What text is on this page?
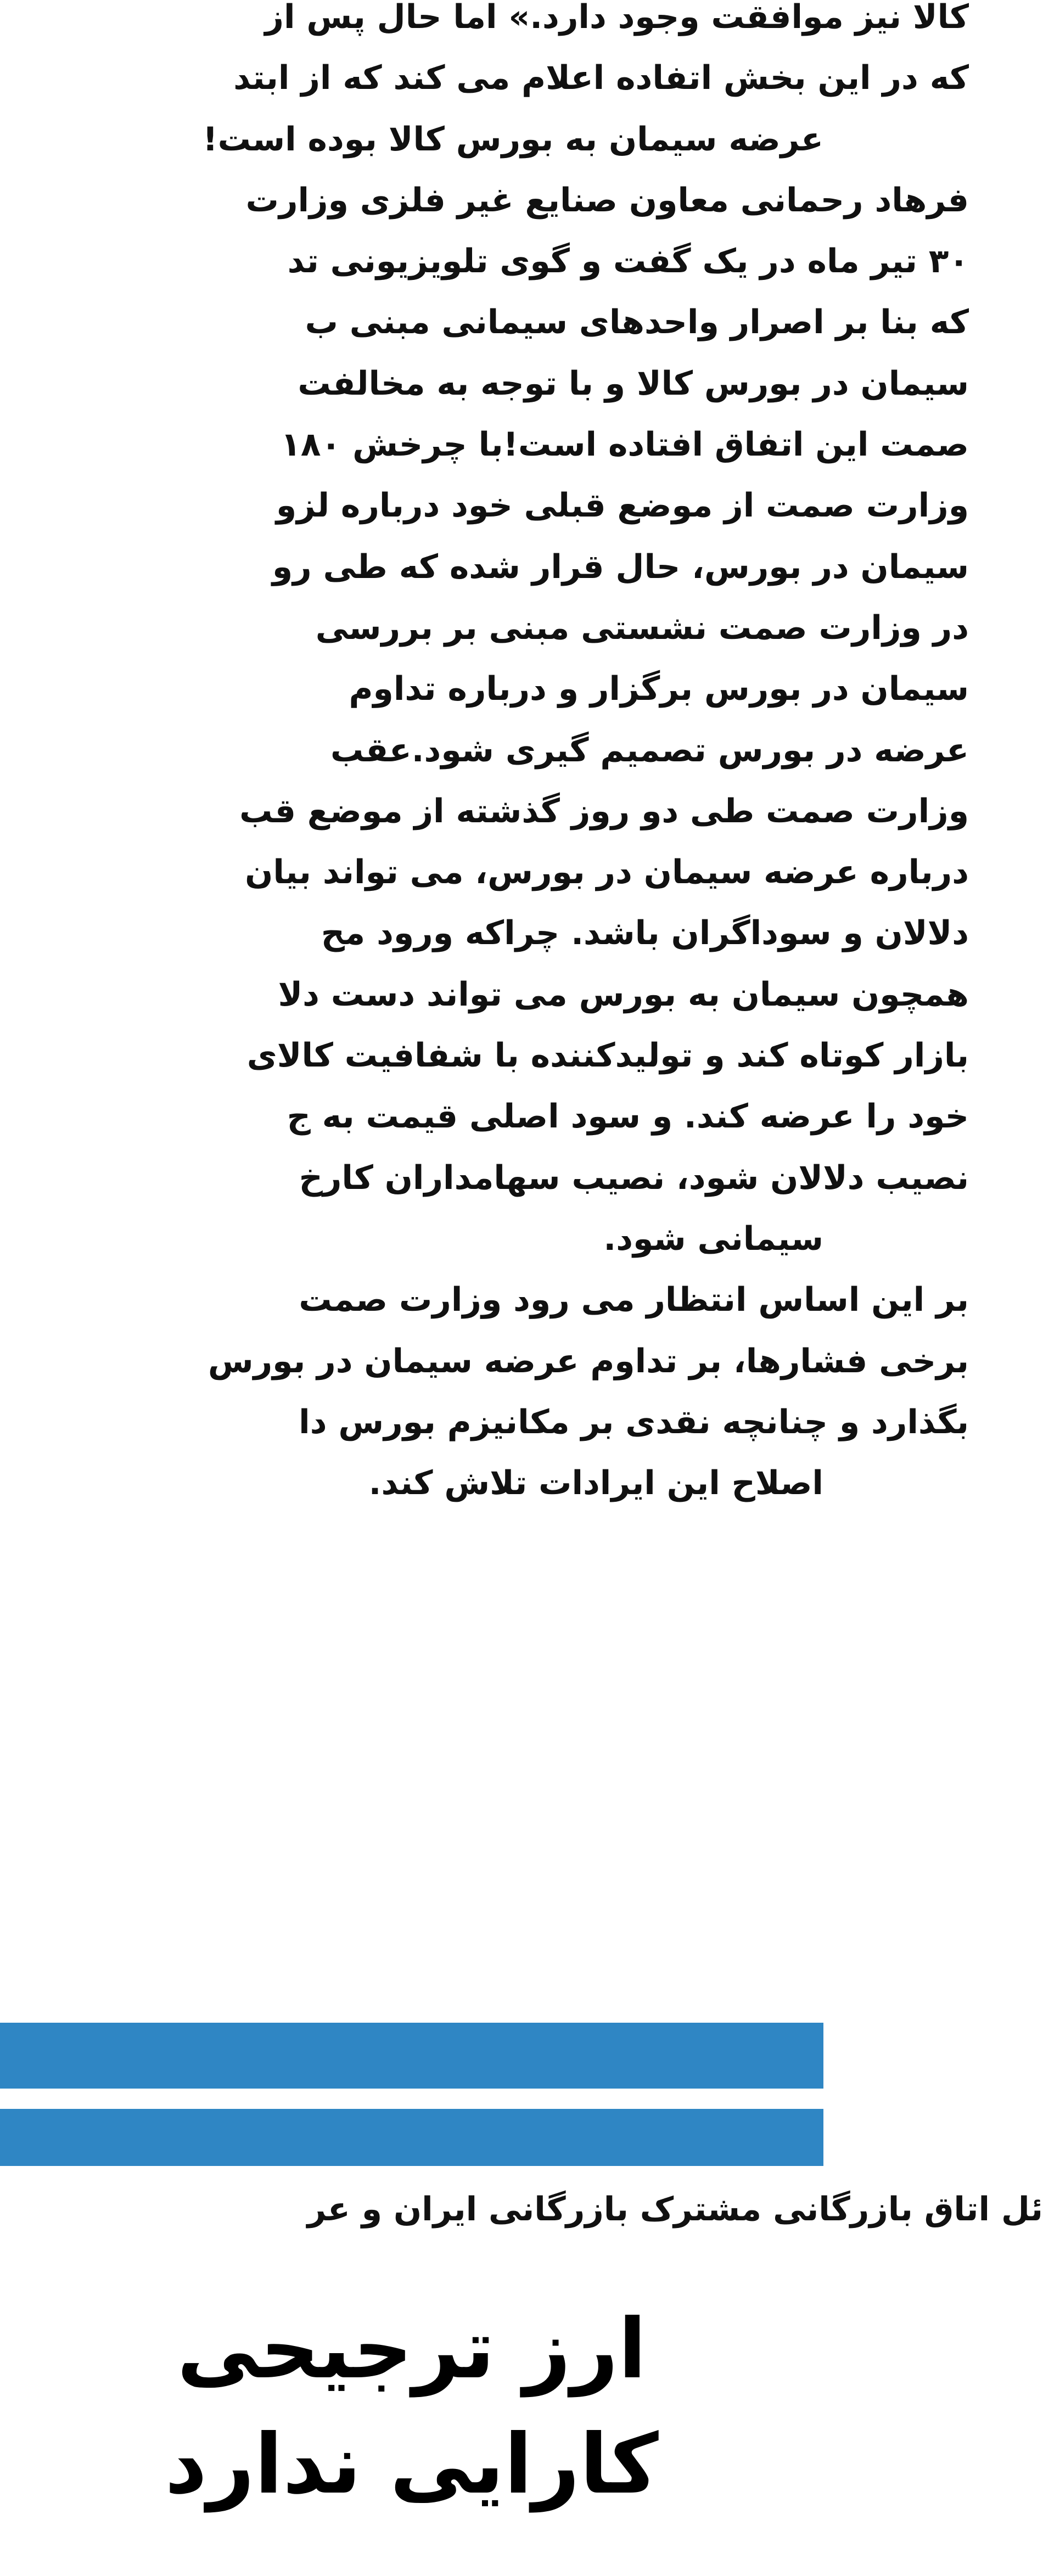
کالا نیز موافقت وجود دارد.» اما حال پس از
که در این بخش اتفاده اعلام می کند که از ابتد
عرضه سیمان به بورس کالا بوده است!
فرهاد رحمانی معاون صنایع غیر فلزی وزارت
۳۰ تیر ماه در یک گفت و گوی تلویزیونی تد
که بنا بر اصرار واحدهای سیمانی مبنی ب
سیمان در بورس کالا و با توجه به مخالفت
صمت این اتفاق افتاده است!با چرخش ۱۸۰
وزارت صمت از موضع قبلی خود درباره لزو
سیمان در بورس، حال قرار شده که طی رو
در وزارت صمت نشستی مبنی بر بررسی
سیمان در بورس برگزار و درباره تداوم
عرضه در بورس تصمیم گیری شود.عقب
وزارت صمت طی دو روز گذشته از موضع قب
درباره عرضه سیمان در بورس، می تواند بیان
دلالان و سوداگران باشد. چراکه ورود مح
همچون سیمان به بورس می تواند دست دلا
بازار کوتاه کند و تولیدکننده با شفافیت کالای
خود را عرضه کند. و سود اصلی قیمت به ج
نصیب دلالان شود، نصیب سهامداران کارخ
سیمانی شود.
بر این اساس انتظار می رود وزارت صمت
برخی فشارها، بر تداوم عرضه سیمان در بورس
بگذارد و چنانچه نقدی بر مکانیزم بورس دا
اصلاح این ایرادات تلاش کند.
ئل اتاق بازرگانی مشترک بازرگانی ایران و عر
ارز ترجیحی
کارایی ندارد
